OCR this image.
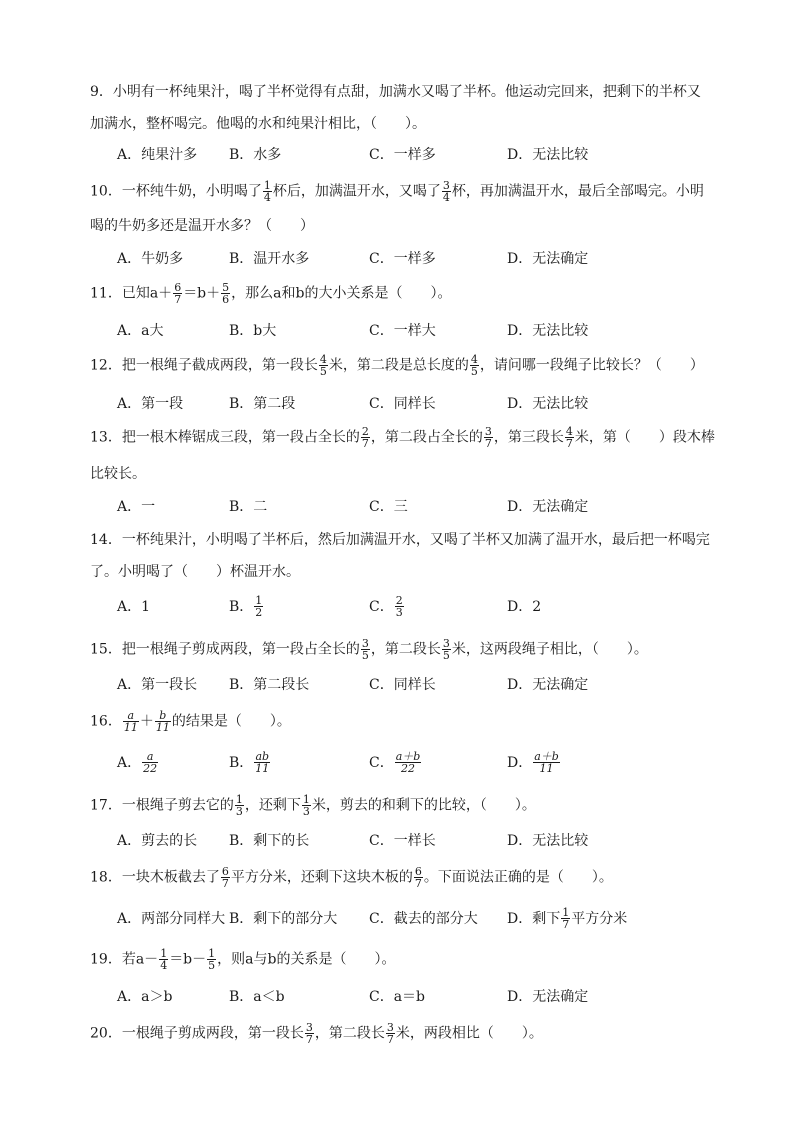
9．小明有一杯纯果汁，喝了半杯觉得有点甜，加满水又喝了半杯。他运动完回来，把剩下的半杯又
加满水，整杯喝完。他喝的水和纯果汁相比，（　　）。
A．纯果汁多 B．水多	C．一样多	D．无法比较
10．一杯纯牛奶，小明喝了 $\frac{1}{4}$ 杯后，加满温开水，又喝了 $\frac{3}{4}$ 杯，再加满温开水，最后全部喝完。小明
喝的牛奶多还是温开水多？（　　）
A．牛奶多	B．温开水多	C．一样多	D．无法确定
11．已知$a+ \frac{6}{7} =b+ \frac{5}{6}$ ，那么a和b的大小关系是（　　）。
A．a大	B．b大	C．一样大	D．无法比较
12．把一根绳子截成两段，第一段长 $\frac{4}{5}$ 米，第二段是总长度的 $\frac{4}{5}$ ，请问哪一段绳子比较长？（　　）
A．第一段	B．第二段	C．同样长	D．无法比较
13．把一根木棒锯成三段，第一段占全长的 $\frac{2}{7}$ ，第二段占全长的 $\frac{3}{7}$ ，第三段长 $\frac{4}{7}$ 米，第（　　）段木棒
比较长。
A．一	B．二	C．三	D．无法确定
14．一杯纯果汁，小明喝了半杯后，然后加满温开水，又喝了半杯又加满了温开水，最后把一杯喝完
了。小明喝了（　　）杯温开水。
A．1	B． $\frac{1}{2}$	C． $\frac{2}{3}$	D．2
15．把一根绳子剪成两段，第一段占全长的 $\frac{3}{5}$ ，第二段长 $\frac{3}{5}$ 米，这两段绳子相比，（　　）。
A．第一段长 B．第二段长	C．同样长	D．无法确定
16． $\frac{a}{11} + \frac{b}{11}$ 的结果是（　　）。
A． $\frac{a}{22}$	B． $\frac{ab}{11}$	C． $\frac{a+b}{22}$	D． $\frac{a+b}{11}$
17．一根绳子剪去它的 $\frac{1}{3}$ ，还剩下 $\frac{1}{3}$ 米，剪去的和剩下的比较，（　　）。
A．剪去的长 B．剩下的长	C．一样长	D．无法比较
18．一块木板截去了 $\frac{6}{7}$ 平方分米，还剩下这块木板的 $\frac{6}{7}$ 。下面说法正确的是（　　）。
A．两部分同样大 B．剩下的部分大 C．截去的部分大 D．剩下 $\frac{1}{7}$ 平方分米
19．若$a- \frac{1}{4} =b- \frac{1}{5}$ ，则a与b的关系是（　　）。
A．a＞b	B．a＜b	C．a＝b	D．无法确定
20．一根绳子剪成两段，第一段长 $\frac{3}{7}$ ，第二段长 $\frac{3}{7}$ 米，两段相比（　　）。
